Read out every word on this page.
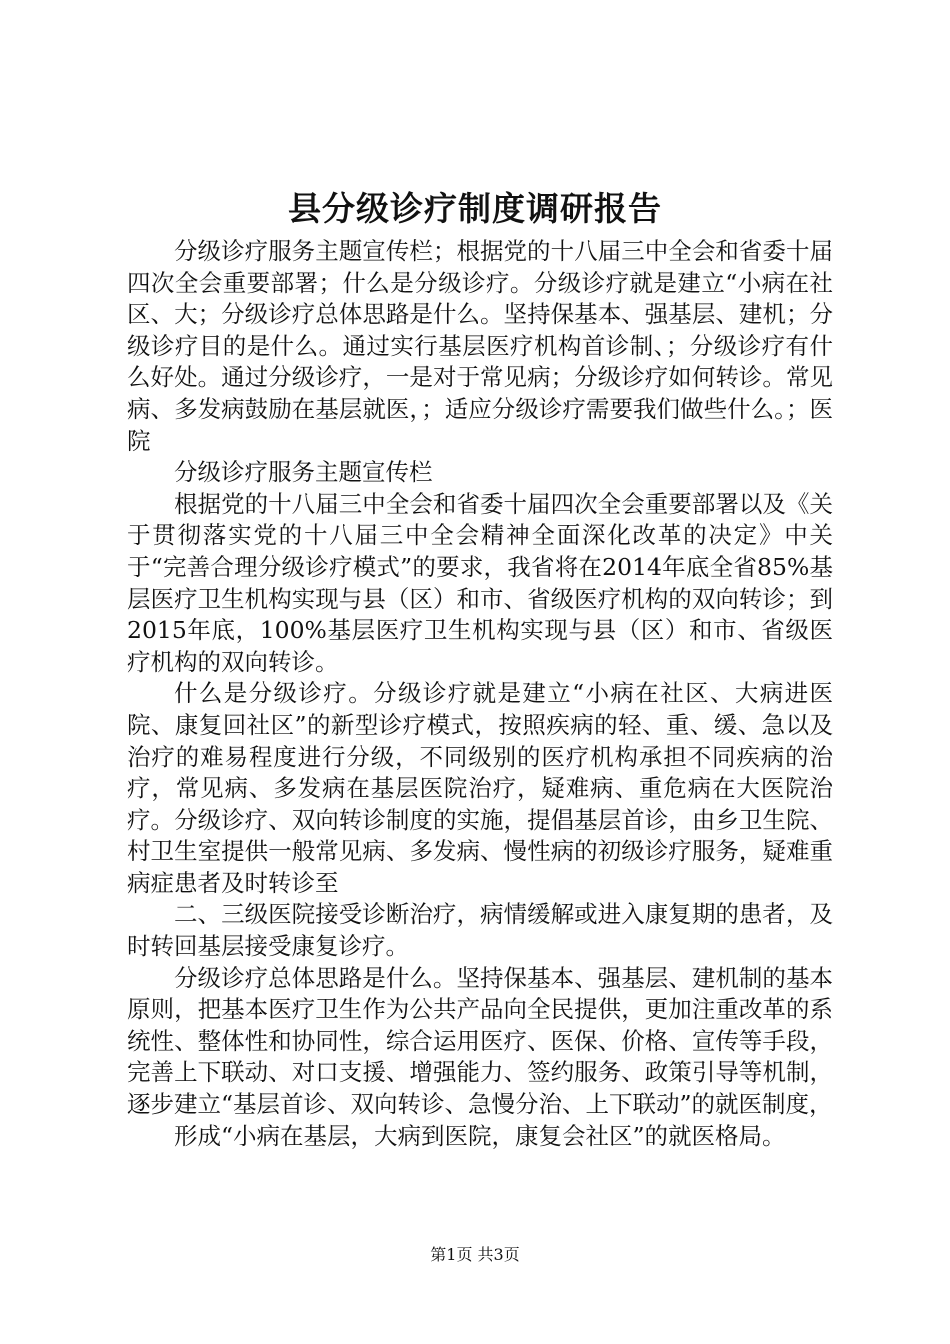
县分级诊疗制度调研报告

分级诊疗服务主题宣传栏；根据党的十八届三中全会和省委十届四次全会重要部署；什么是分级诊疗。分级诊疗就是建立“小病在社区、大；分级诊疗总体思路是什么。坚持保基本、强基层、建机；分级诊疗目的是什么。通过实行基层医疗机构首诊制、；分级诊疗有什么好处。通过分级诊疗，一是对于常见病；分级诊疗如何转诊。常见病、多发病鼓励在基层就医，；适应分级诊疗需要我们做些什么。；医院

分级诊疗服务主题宣传栏

根据党的十八届三中全会和省委十届四次全会重要部署以及《关于贯彻落实党的十八届三中全会精神全面深化改革的决定》中关于“完善合理分级诊疗模式”的要求，我省将在2014年底全省85%基层医疗卫生机构实现与县（区）和市、省级医疗机构的双向转诊；到2015年底，100%基层医疗卫生机构实现与县（区）和市、省级医疗机构的双向转诊。

什么是分级诊疗。分级诊疗就是建立“小病在社区、大病进医院、康复回社区”的新型诊疗模式，按照疾病的轻、重、缓、急以及治疗的难易程度进行分级，不同级别的医疗机构承担不同疾病的治疗，常见病、多发病在基层医院治疗，疑难病、重危病在大医院治疗。分级诊疗、双向转诊制度的实施，提倡基层首诊，由乡卫生院、村卫生室提供一般常见病、多发病、慢性病的初级诊疗服务，疑难重病症患者及时转诊至

二、三级医院接受诊断治疗，病情缓解或进入康复期的患者，及时转回基层接受康复诊疗。

分级诊疗总体思路是什么。坚持保基本、强基层、建机制的基本原则，把基本医疗卫生作为公共产品向全民提供，更加注重改革的系统性、整体性和协同性，综合运用医疗、医保、价格、宣传等手段，完善上下联动、对口支援、增强能力、签约服务、政策引导等机制，逐步建立“基层首诊、双向转诊、急慢分治、上下联动”的就医制度，

形成“小病在基层，大病到医院，康复会社区”的就医格局。

第1页 共3页
